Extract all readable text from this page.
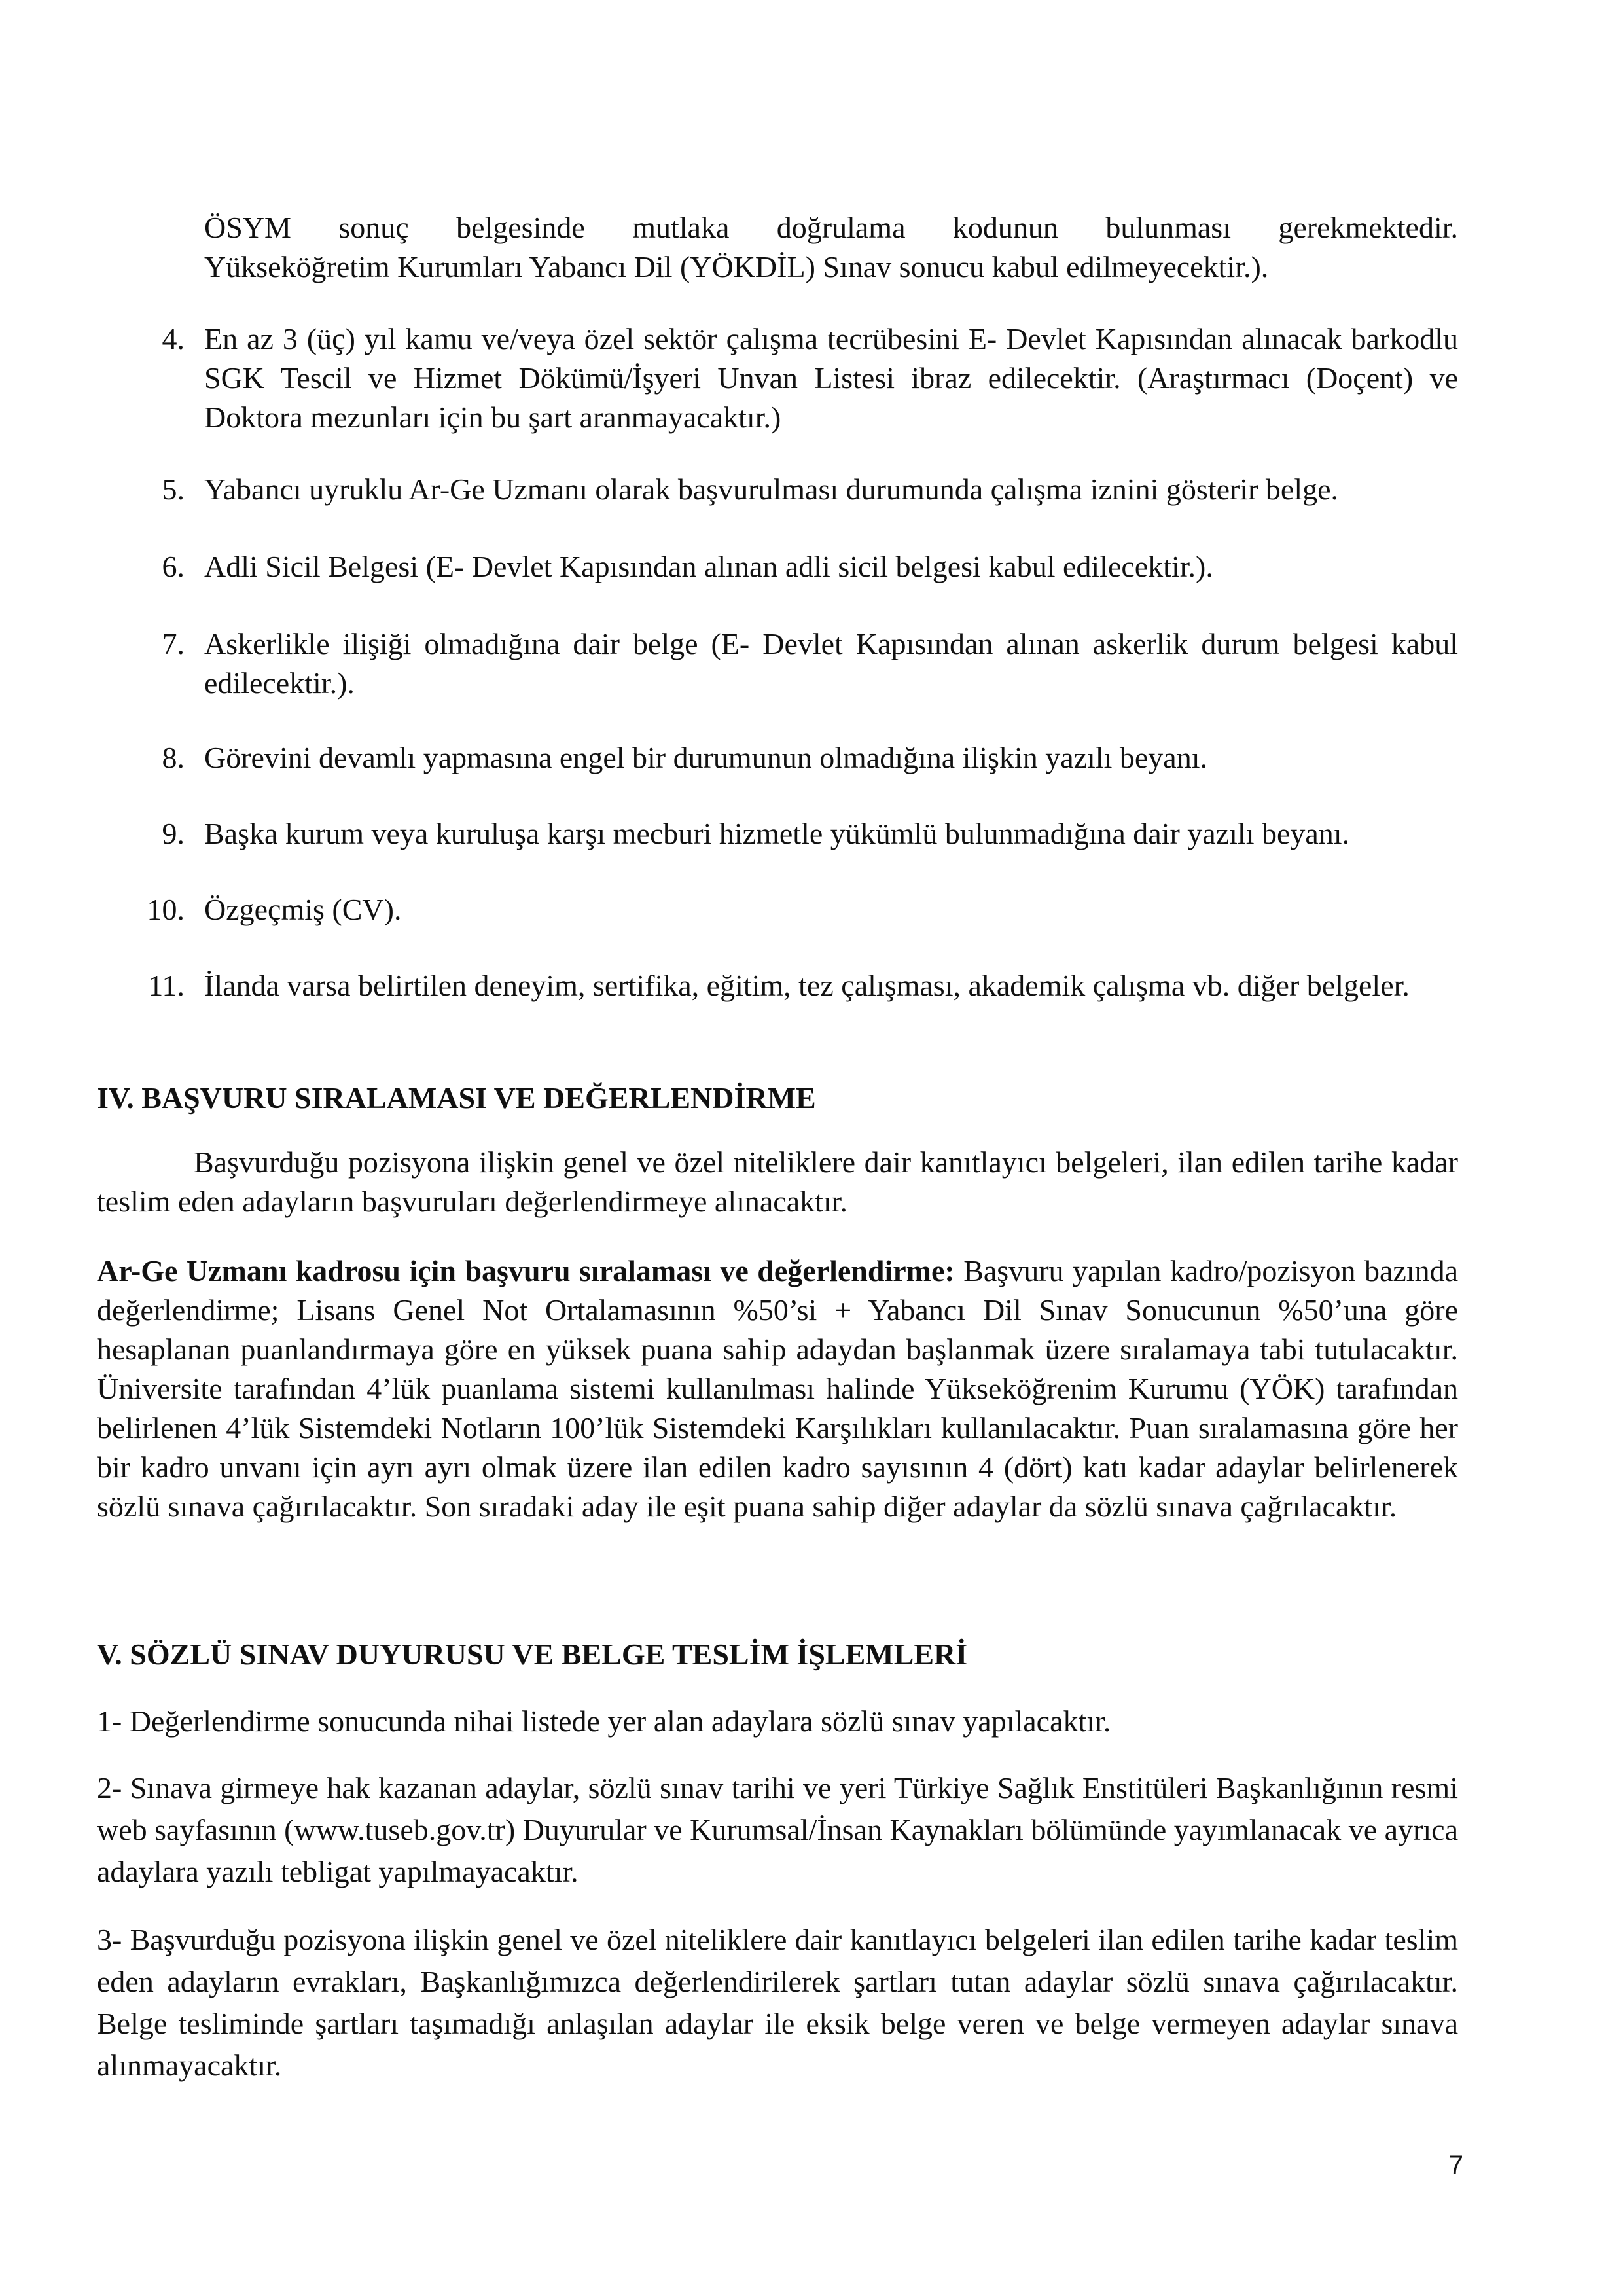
ÖSYM sonuç belgesinde mutlaka doğrulama kodunun bulunması gerekmektedir.

Yükseköğretim Kurumları Yabancı Dil (YÖKDİL) Sınav sonucu kabul edilmeyecektir.).

4. En az 3 (üç) yıl kamu ve/veya özel sektör çalışma tecrübesini E- Devlet Kapısından alınacak barkodlu SGK Tescil ve Hizmet Dökümü/İşyeri Unvan Listesi ibraz edilecektir. (Araştırmacı (Doçent) ve Doktora mezunları için bu şart aranmayacaktır.)

5. Yabancı uyruklu Ar-Ge Uzmanı olarak başvurulması durumunda çalışma iznini gösterir belge.

6. Adli Sicil Belgesi (E- Devlet Kapısından alınan adli sicil belgesi kabul edilecektir.).

7. Askerlikle ilişiği olmadığına dair belge (E- Devlet Kapısından alınan askerlik durum belgesi kabul edilecektir.).

8. Görevini devamlı yapmasına engel bir durumunun olmadığına ilişkin yazılı beyanı.

9. Başka kurum veya kuruluşa karşı mecburi hizmetle yükümlü bulunmadığına dair yazılı beyanı.

10. Özgeçmiş (CV).

11. İlanda varsa belirtilen deneyim, sertifika, eğitim, tez çalışması, akademik çalışma vb. diğer belgeler.

IV. BAŞVURU SIRALAMASI VE DEĞERLENDİRME

Başvurduğu pozisyona ilişkin genel ve özel niteliklere dair kanıtlayıcı belgeleri, ilan edilen tarihe kadar teslim eden adayların başvuruları değerlendirmeye alınacaktır.

Ar-Ge Uzmanı kadrosu için başvuru sıralaması ve değerlendirme: Başvuru yapılan kadro/pozisyon bazında değerlendirme; Lisans Genel Not Ortalamasının %50’si + Yabancı Dil Sınav Sonucunun %50’una göre hesaplanan puanlandırmaya göre en yüksek puana sahip adaydan başlanmak üzere sıralamaya tabi tutulacaktır. Üniversite tarafından 4’lük puanlama sistemi kullanılması halinde Yükseköğrenim Kurumu (YÖK) tarafından belirlenen 4’lük Sistemdeki Notların 100’lük Sistemdeki Karşılıkları kullanılacaktır. Puan sıralamasına göre her bir kadro unvanı için ayrı ayrı olmak üzere ilan edilen kadro sayısının 4 (dört) katı kadar adaylar belirlenerek sözlü sınava çağırılacaktır. Son sıradaki aday ile eşit puana sahip diğer adaylar da sözlü sınava çağrılacaktır.

V. SÖZLÜ SINAV DUYURUSU VE BELGE TESLİM İŞLEMLERİ

1- Değerlendirme sonucunda nihai listede yer alan adaylara sözlü sınav yapılacaktır.

2- Sınava girmeye hak kazanan adaylar, sözlü sınav tarihi ve yeri Türkiye Sağlık Enstitüleri Başkanlığının resmi web sayfasının (www.tuseb.gov.tr) Duyurular ve Kurumsal/İnsan Kaynakları bölümünde yayımlanacak ve ayrıca adaylara yazılı tebligat yapılmayacaktır.

3- Başvurduğu pozisyona ilişkin genel ve özel niteliklere dair kanıtlayıcı belgeleri ilan edilen tarihe kadar teslim eden adayların evrakları, Başkanlığımızca değerlendirilerek şartları tutan adaylar sözlü sınava çağırılacaktır. Belge tesliminde şartları taşımadığı anlaşılan adaylar ile eksik belge veren ve belge vermeyen adaylar sınava alınmayacaktır.

7
